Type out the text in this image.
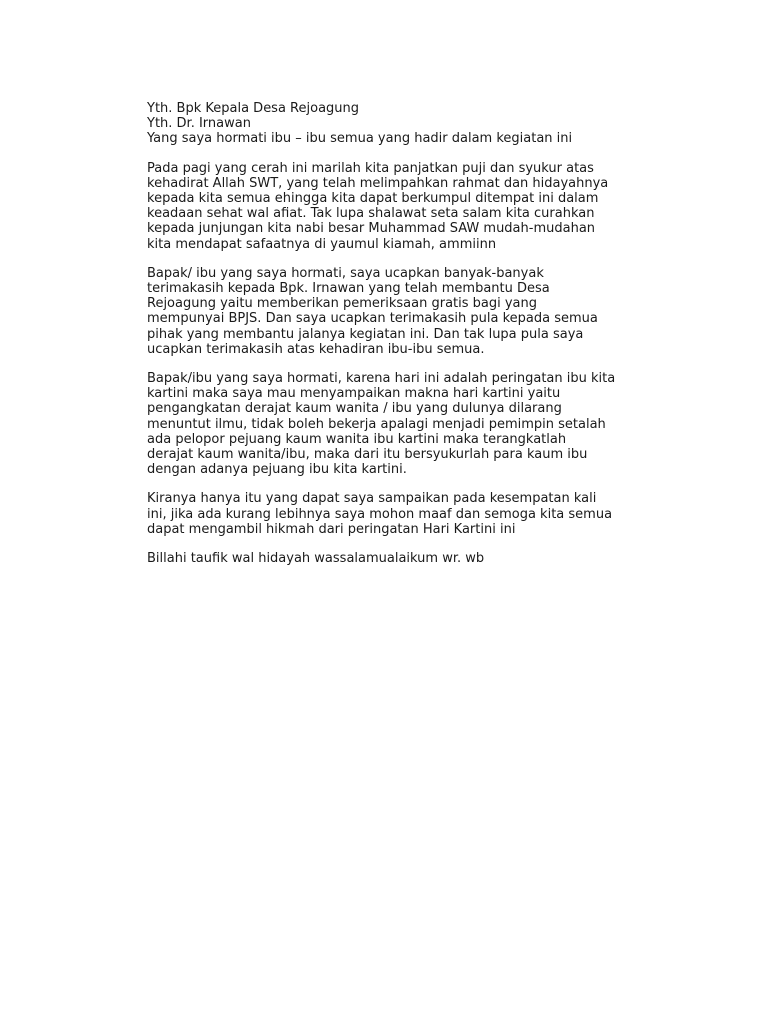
Yth. Bpk Kepala Desa Rejoagung

Yth. Dr. Irnawan

Yang saya hormati ibu – ibu semua yang hadir dalam kegiatan ini

Pada pagi yang cerah ini marilah kita panjatkan puji dan syukur atas
kehadirat Allah SWT, yang telah melimpahkan rahmat dan hidayahnya
kepada kita semua ehingga kita dapat berkumpul ditempat ini dalam
keadaan sehat wal afiat. Tak lupa shalawat seta salam kita curahkan
kepada junjungan kita nabi besar Muhammad SAW mudah-mudahan
kita mendapat safaatnya di yaumul kiamah, ammiinn
Bapak/ ibu yang saya hormati, saya ucapkan banyak-banyak
terimakasih kepada Bpk. Irnawan yang telah membantu Desa
Rejoagung yaitu memberikan pemeriksaan gratis bagi yang
mempunyai BPJS. Dan saya ucapkan terimakasih pula kepada semua
pihak yang membantu jalanya kegiatan ini. Dan tak lupa pula saya
ucapkan terimakasih atas kehadiran ibu-ibu semua.
Bapak/ibu yang saya hormati, karena hari ini adalah peringatan ibu kita
kartini maka saya mau menyampaikan makna hari kartini yaitu
pengangkatan derajat kaum wanita / ibu yang dulunya dilarang
menuntut ilmu, tidak boleh bekerja apalagi menjadi pemimpin setalah
ada pelopor pejuang kaum wanita ibu kartini maka terangkatlah
derajat kaum wanita/ibu, maka dari itu bersyukurlah para kaum ibu
dengan adanya pejuang ibu kita kartini.
Kiranya hanya itu yang dapat saya sampaikan pada kesempatan kali
ini, jika ada kurang lebihnya saya mohon maaf dan semoga kita semua
dapat mengambil hikmah dari peringatan Hari Kartini ini
Billahi taufik wal hidayah wassalamualaikum wr. wb
